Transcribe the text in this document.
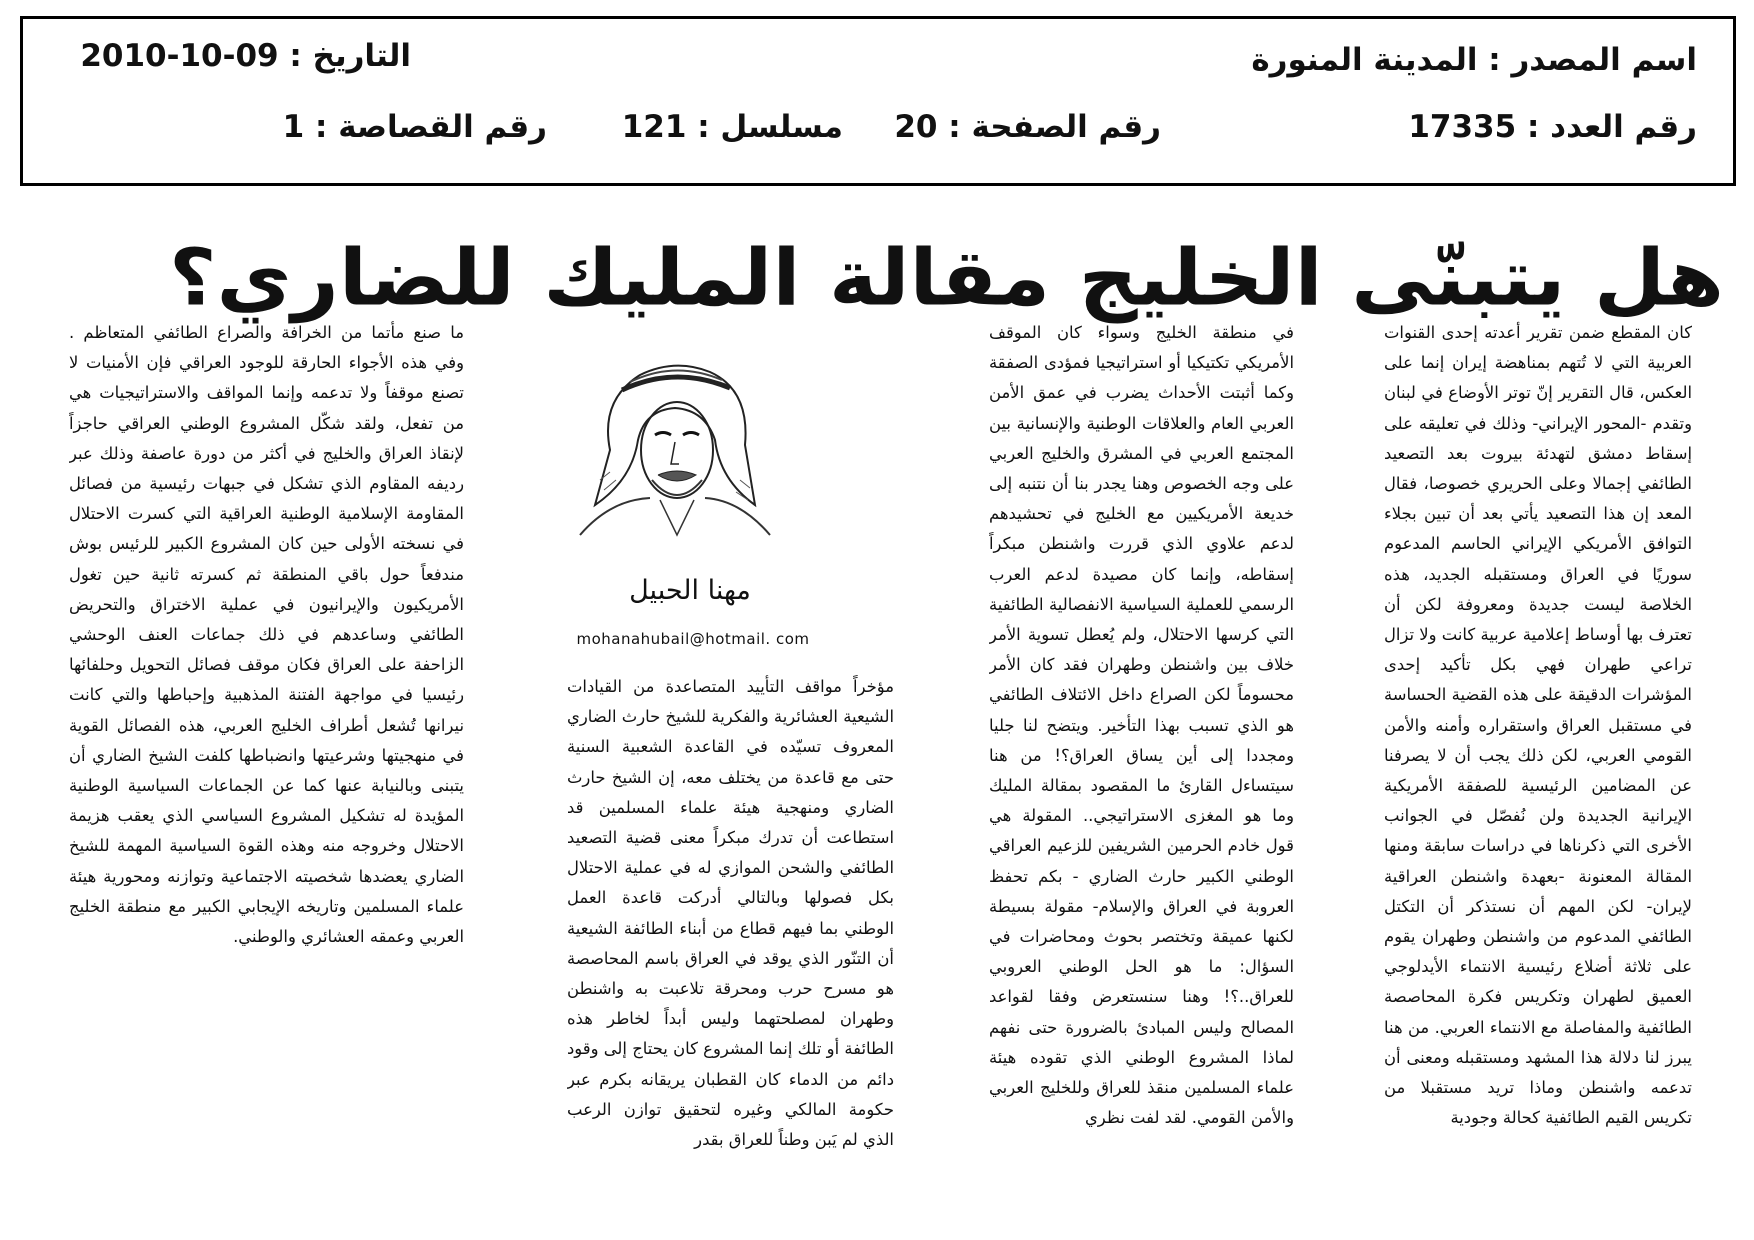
اسم المصدر : المدينة المنورة
التاريخ : 09-10-2010
رقم العدد : 17335
رقم الصفحة : 20
مسلسل : 121
رقم القصاصة : 1
هل يتبنّى الخليج مقالة المليك للضاري؟

كان المقطع ضمن تقرير أعدته إحدى القنوات العربية التي لا تُتهم بمناهضة إيران إنما على العكس، قال التقرير إنّ توتر الأوضاع في لبنان وتقدم -المحور الإيراني- وذلك في تعليقه على إسقاط دمشق لتهدئة بيروت بعد التصعيد الطائفي إجمالا وعلى الحريري خصوصا، فقال المعد إن هذا التصعيد يأتي بعد أن تبين بجلاء التوافق الأمريكي الإيراني الحاسم المدعوم سوريًا في العراق ومستقبله الجديد، هذه الخلاصة ليست جديدة ومعروفة لكن أن تعترف بها أوساط إعلامية عربية كانت ولا تزال تراعي طهران فهي بكل تأكيد إحدى المؤشرات الدقيقة على هذه القضية الحساسة في مستقبل العراق واستقراره وأمنه والأمن القومي العربي، لكن ذلك يجب أن لا يصرفنا عن المضامين الرئيسية للصفقة الأمريكية الإيرانية الجديدة ولن نُفصّل في الجوانب الأخرى التي ذكرناها في دراسات سابقة ومنها المقالة المعنونة -بعهدة واشنطن العراقية لإيران- لكن المهم أن نستذكر أن التكتل الطائفي المدعوم من واشنطن وطهران يقوم على ثلاثة أضلاع رئيسية الانتماء الأيدلوجي العميق لطهران وتكريس فكرة المحاصصة الطائفية والمفاصلة مع الانتماء العربي. من هنا يبرز لنا دلالة هذا المشهد ومستقبله ومعنى أن تدعمه واشنطن وماذا تريد مستقبلا من تكريس القيم الطائفية كحالة وجودية

في منطقة الخليج وسواء كان الموقف الأمريكي تكتيكيا أو استراتيجيا فمؤدى الصفقة وكما أثبتت الأحداث يضرب في عمق الأمن العربي العام والعلاقات الوطنية والإنسانية بين المجتمع العربي في المشرق والخليج العربي على وجه الخصوص وهنا يجدر بنا أن نتنبه إلى خديعة الأمريكيين مع الخليج في تحشيدهم لدعم علاوي الذي قررت واشنطن مبكراً إسقاطه، وإنما كان مصيدة لدعم العرب الرسمي للعملية السياسية الانفصالية الطائفية التي كرسها الاحتلال، ولم يُعطل تسوية الأمر خلاف بين واشنطن وطهران فقد كان الأمر محسوماً لكن الصراع داخل الائتلاف الطائفي هو الذي تسبب بهذا التأخير. ويتضح لنا جليا ومجددا إلى أين يساق العراق؟! من هنا سيتساءل القارئ ما المقصود بمقالة المليك وما هو المغزى الاستراتيجي.. المقولة هي قول خادم الحرمين الشريفين للزعيم العراقي الوطني الكبير حارث الضاري - بكم تحفظ العروبة في العراق والإسلام- مقولة بسيطة لكنها عميقة وتختصر بحوث ومحاضرات في السؤال: ما هو الحل الوطني العروبي للعراق..؟! وهنا سنستعرض وفقا لقواعد المصالح وليس المبادئ بالضرورة حتى نفهم لماذا المشروع الوطني الذي تقوده هيئة علماء المسلمين منقذ للعراق وللخليج العربي والأمن القومي. لقد لفت نظري

مهنا الحبيل
mohanahubail@hotmail. com

مؤخراً مواقف التأييد المتصاعدة من القيادات الشيعية العشائرية والفكرية للشيخ حارث الضاري المعروف تسيّده في القاعدة الشعبية السنية حتى مع قاعدة من يختلف معه، إن الشيخ حارث الضاري ومنهجية هيئة علماء المسلمين قد استطاعت أن تدرك مبكراً معنى قضية التصعيد الطائفي والشحن الموازي له في عملية الاحتلال بكل فصولها وبالتالي أدركت قاعدة العمل الوطني بما فيهم قطاع من أبناء الطائفة الشيعية أن التنّور الذي يوقد في العراق باسم المحاصصة هو مسرح حرب ومحرقة تلاعبت به واشنطن وطهران لمصلحتهما وليس أبداً لخاطر هذه الطائفة أو تلك إنما المشروع كان يحتاج إلى وقود دائم من الدماء كان القطبان يريقانه بكرم عبر حكومة المالكي وغيره لتحقيق توازن الرعب الذي لم يَبن وطناً للعراق بقدر

ما صنع مأتما من الخرافة والصراع الطائفي المتعاظم . وفي هذه الأجواء الحارقة للوجود العراقي فإن الأمنيات لا تصنع موقفاً ولا تدعمه وإنما المواقف والاستراتيجيات هي من تفعل، ولقد شكّل المشروع الوطني العراقي حاجزاً لإنقاذ العراق والخليج في أكثر من دورة عاصفة وذلك عبر رديفه المقاوم الذي تشكل في جبهات رئيسية من فصائل المقاومة الإسلامية الوطنية العراقية التي كسرت الاحتلال في نسخته الأولى حين كان المشروع الكبير للرئيس بوش مندفعاً حول باقي المنطقة ثم كسرته ثانية حين تغول الأمريكيون والإيرانيون في عملية الاختراق والتحريض الطائفي وساعدهم في ذلك جماعات العنف الوحشي الزاحفة على العراق فكان موقف فصائل التحويل وحلفائها رئيسيا في مواجهة الفتنة المذهبية وإحباطها والتي كانت نيرانها تُشعل أطراف الخليج العربي، هذه الفصائل القوية في منهجيتها وشرعيتها وانضباطها كلفت الشيخ الضاري أن يتبنى وبالنيابة عنها كما عن الجماعات السياسية الوطنية المؤيدة له تشكيل المشروع السياسي الذي يعقب هزيمة الاحتلال وخروجه منه وهذه القوة السياسية المهمة للشيخ الضاري يعضدها شخصيته الاجتماعية وتوازنه ومحورية هيئة علماء المسلمين وتاريخه الإيجابي الكبير مع منطقة الخليج العربي وعمقه العشائري والوطني.
